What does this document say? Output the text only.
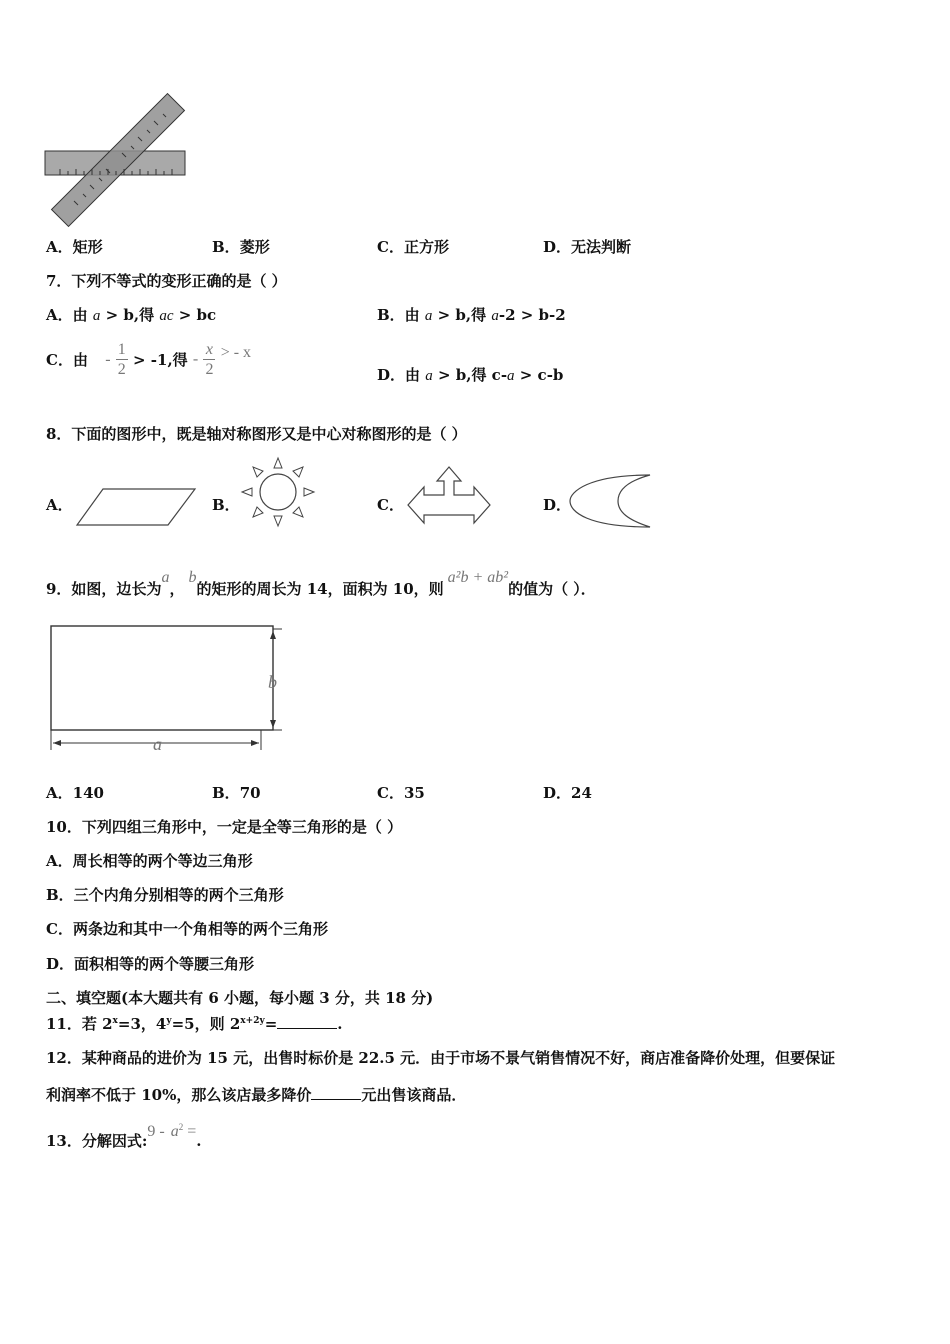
A．矩形	B．菱形	C．正方形	D．无法判断
7．下列不等式的变形正确的是（ ）
A．由 a > b,得 ac > bc	B．由 a > b,得 a-2 > b-2
C．由 - $\frac{1}{2} > -1$,得 - $\frac{x}{2}$ > - x
D．由 a > b,得 c-a > c-b
8．下面的图形中，既是轴对称图形又是中心对称图形的是（ ）
A．	B．	C．	D．
9．如图，边长为a，b的矩形的周长为 14，面积为 10，则a²b + ab²的值为（ ）．
b
a
A．140	B．70	C．35	D．24
10．下列四组三角形中，一定是全等三角形的是（ ）
A．周长相等的两个等边三角形
B．三个内角分别相等的两个三角形
C．两条边和其中一个角相等的两个三角形
D．面积相等的两个等腰三角形
二、填空题(本大题共有 6 小题，每小题 3 分，共 18 分)
11．若 $2^x=3$，$4^y=5$，则 $2^{x+2y}=$	.
12．某种商品的进价为 15 元，出售时标价是 22.5 元．由于市场不景气销售情况不好，商店准备降价处理，但要保证
利润率不低于 10%，那么该店最多降价	元出售该商品．
13．分解因式:9 - $a^2$ =.
